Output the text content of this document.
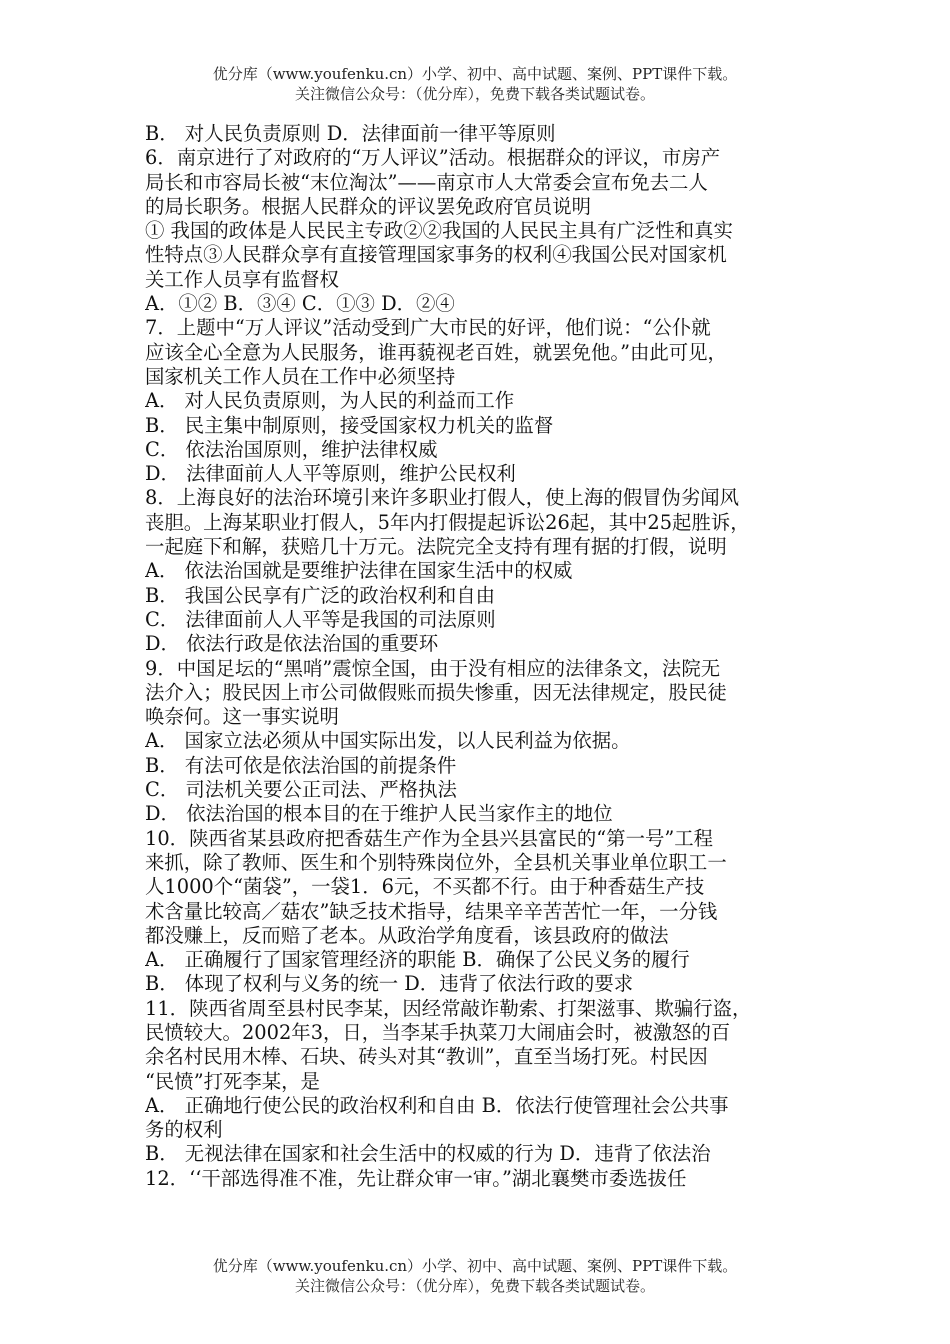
优分库（www.youfenku.cn）小学、初中、高中试题、案例、PPT课件下载。
关注微信公众号：（优分库），免费下载各类试题试卷。
B． 对人民负责原则 D．法律面前一律平等原则
6．南京进行了对政府的“万人评议”活动。根据群众的评议，市房产
局长和市容局长被“末位淘汰”——南京市人大常委会宣布免去二人
的局长职务。根据人民群众的评议罢免政府官员说明
① 我国的政体是人民民主专政②②我国的人民民主具有广泛性和真实
性特点③人民群众享有直接管理国家事务的权利④我国公民对国家机
关工作人员享有监督权
A．①② B．③④ C．①③ D．②④
7．上题中“万人评议”活动受到广大市民的好评，他们说：“公仆就
应该全心全意为人民服务，谁再藐视老百姓，就罢免他。”由此可见，
国家机关工作人员在工作中必须坚持
A． 对人民负责原则，为人民的利益而工作
B． 民主集中制原则，接受国家权力机关的监督
C． 依法治国原则，维护法律权威
D． 法律面前人人平等原则，维护公民权利
8．上海良好的法治环境引来许多职业打假人，使上海的假冒伪劣闻风
丧胆。上海某职业打假人，5年内打假提起诉讼26起，其中25起胜诉，
一起庭下和解，获赔几十万元。法院完全支持有理有据的打假，说明
A． 依法治国就是要维护法律在国家生活中的权威
B． 我国公民享有广泛的政治权利和自由
C． 法律面前人人平等是我国的司法原则
D． 依法行政是依法治国的重要环
9．中国足坛的“黑哨”震惊全国，由于没有相应的法律条文，法院无
法介入；股民因上市公司做假账而损失惨重，因无法律规定，股民徒
唤奈何。这一事实说明
A． 国家立法必须从中国实际出发，以人民利益为依据。
B． 有法可依是依法治国的前提条件
C． 司法机关要公正司法、严格执法
D． 依法治国的根本目的在于维护人民当家作主的地位
10．陕西省某县政府把香菇生产作为全县兴县富民的“第一号”工程
来抓，除了教师、医生和个别特殊岗位外，全县机关事业单位职工一
人1000个“菌袋”，一袋1．6元，不买都不行。由于种香菇生产技
术含量比较高／菇农”缺乏技术指导，结果辛辛苦苦忙一年，一分钱
都没赚上，反而赔了老本。从政治学角度看，该县政府的做法
A． 正确履行了国家管理经济的职能 B．确保了公民义务的履行
B． 体现了权利与义务的统一 D．违背了依法行政的要求
11．陕西省周至县村民李某，因经常敲诈勒索、打架滋事、欺骗行盗，
民愤较大。2002年3，日，当李某手执菜刀大闹庙会时，被激怒的百
余名村民用木棒、石块、砖头对其“教训”，直至当场打死。村民因
“民愤”打死李某，是
A． 正确地行使公民的政治权利和自由 B．依法行使管理社会公共事
务的权利
B． 无视法律在国家和社会生活中的权威的行为 D．违背了依法治
12．‘‘干部选得准不准，先让群众审一审。”湖北襄樊市委选拔任
优分库（www.youfenku.cn）小学、初中、高中试题、案例、PPT课件下载。
关注微信公众号：（优分库），免费下载各类试题试卷。
